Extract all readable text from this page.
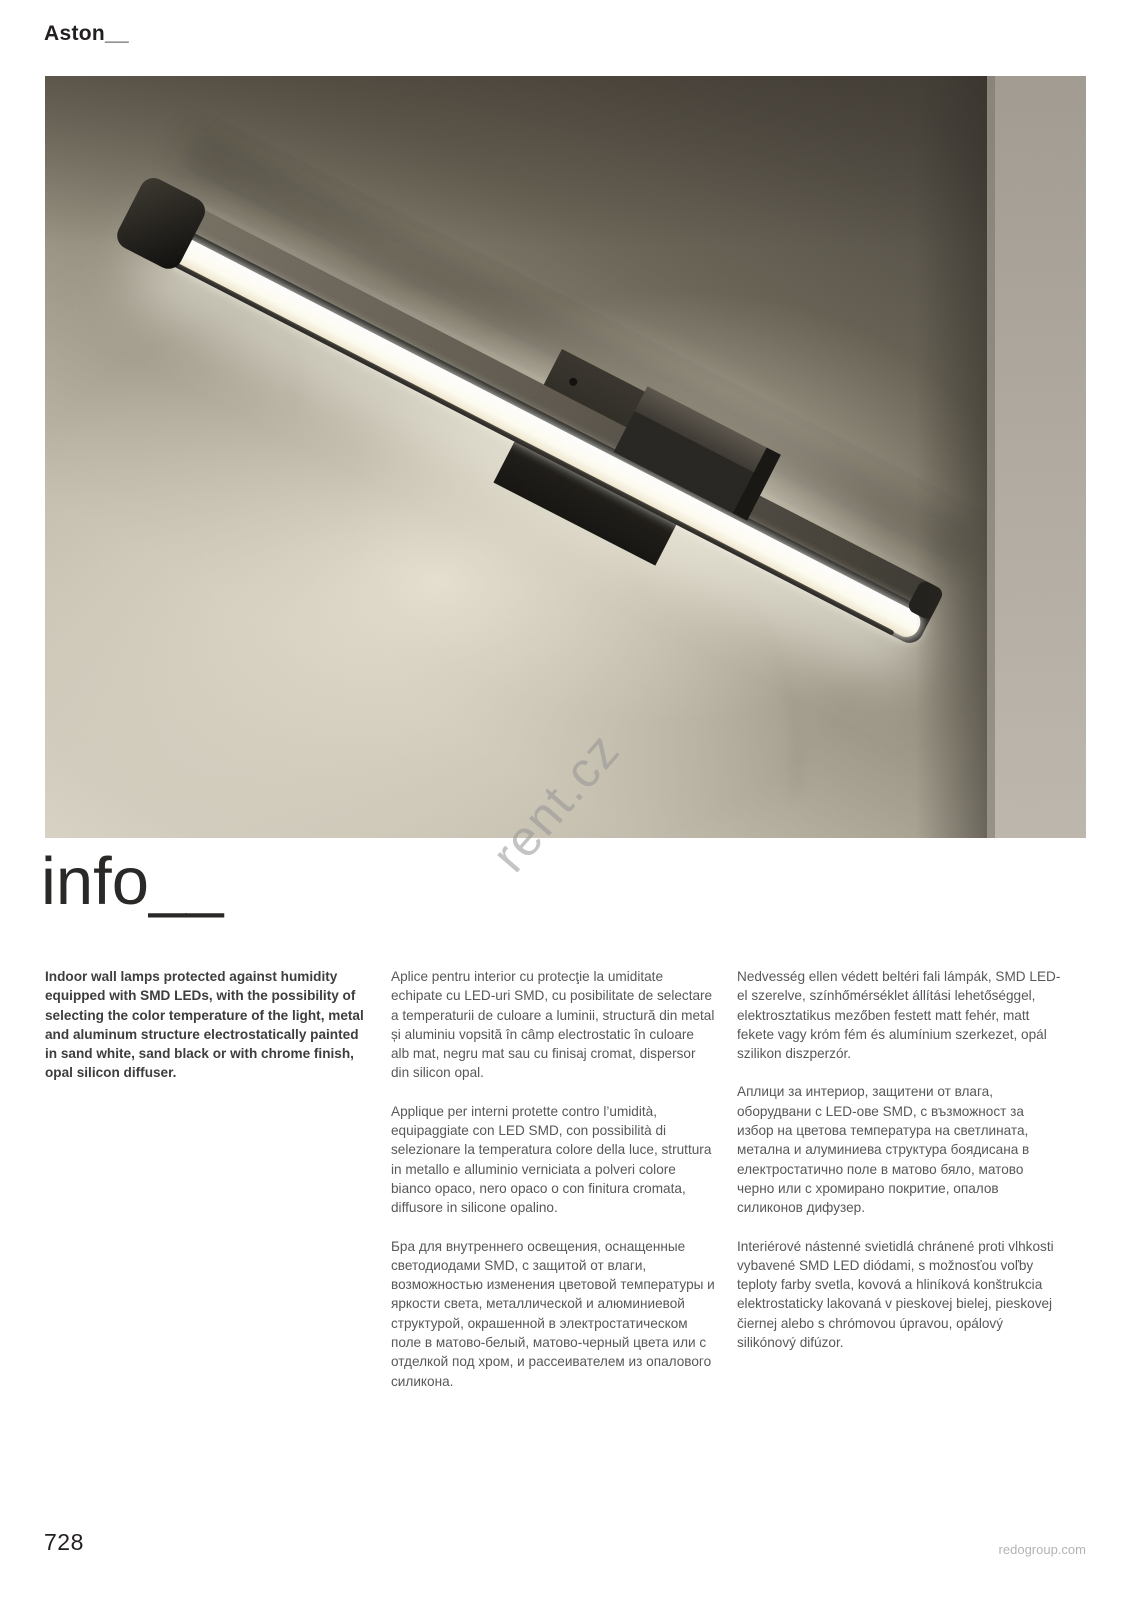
Aston__
rent.cz
info__

Indoor wall lamps protected against humidity equipped with SMD LEDs, with the possibility of selecting the color temperature of the light, metal and aluminum structure electrostatically painted in sand white, sand black or with chrome finish, opal silicon diffuser.

Aplice pentru interior cu protecţie la umiditate echipate cu LED-uri SMD, cu posibilitate de selectare a temperaturii de culoare a luminii, structură din metal și aluminiu vopsită în câmp electrostatic în culoare alb mat, negru mat sau cu finisaj cromat, dispersor din silicon opal.

Applique per interni protette contro l’umidità, equipaggiate con LED SMD, con possibilità di selezionare la temperatura colore della luce, struttura in metallo e alluminio verniciata a polveri colore bianco opaco, nero opaco o con finitura cromata, diffusore in silicone opalino.

Бра для внутреннего освещения, оснащенные светодиодами SMD, с защитой от влаги, возможностью изменения цветовой температуры и яркости света, металлической и алюминиевой структурой, окрашенной в электростатическом поле в матово-белый, матово-черный цвета или с отделкой под хром, и рассеивателем из опалового силикона.

Nedvesség ellen védett beltéri fali lámpák, SMD LED-el szerelve, színhőmérséklet állítási lehetőséggel, elektrosztatikus mezőben festett matt fehér, matt fekete vagy króm fém és alumínium szerkezet, opál szilikon diszperzór.

Аплици за интериор, защитени от влага, оборудвани с LED-ове SMD, с възможност за избор на цветова температура на светлината, метална и алуминиева структура боядисана в електростатично поле в матово бяло, матово черно или с хромирано покритие, опалов силиконов дифузер.

Interiérové nástenné svietidlá chránené proti vlhkosti vybavené SMD LED diódami, s možnosťou voľby teploty farby svetla, kovová a hliníková konštrukcia elektrostaticky lakovaná v pieskovej bielej, pieskovej čiernej alebo s chrómovou úpravou, opálový silikónový difúzor.

728	redogroup.com
